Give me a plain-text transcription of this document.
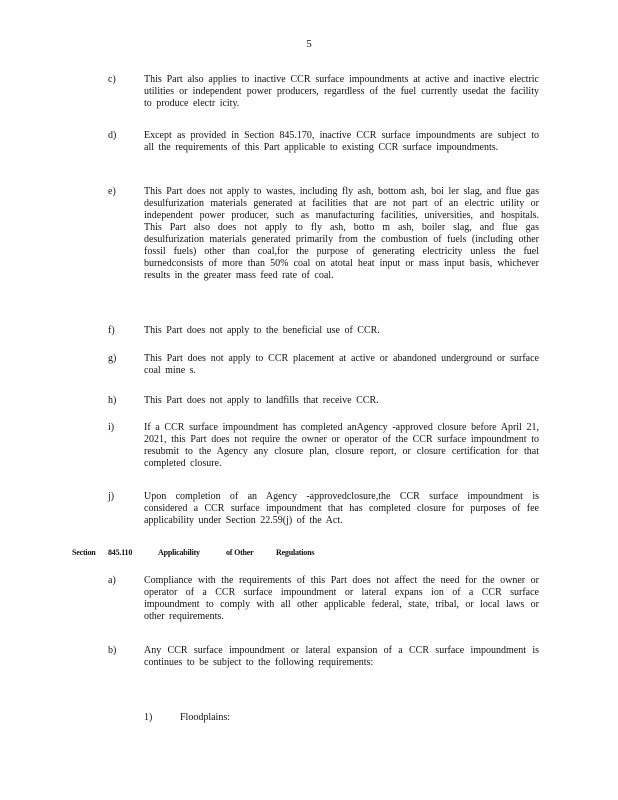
5
c)	This Part also applies to inactive CCR surface impoundments at active and inactive electric utilities or independent power producers, regardless of the fuel currently usedat the facility to produce electr icity.
d)	Except as provided in Section 845.170, inactive CCR surface impoundments are subject to all the requirements of this Part applicable to existing CCR surface impoundments.
e)	This Part does not apply to wastes, including fly ash, bottom ash, boi ler slag, and flue gas desulfurization materials generated at facilities that are not part of an electric utility or independent power producer, such as manufacturing facilities, universities, and hospitals. This Part also does not apply to fly ash, botto m ash, boiler slag, and flue gas desulfurization materials generated primarily from the combustion of fuels (including other fossil fuels) other than coal,for the purpose of generating electricity unless the fuel burnedconsists of more than 50% coal on atotal heat input or mass input basis, whichever results in the greater mass feed rate of coal.
f)	This Part does not apply to the beneficial use of CCR.
g)	This Part does not apply to CCR placement at active or abandoned underground or surface coal mine s.
h)	This Part does not apply to landfills that receive CCR.
i)	If a CCR surface impoundment has completed anAgency -approved closure before April 21, 2021, this Part does not require the owner or operator of the CCR surface impoundment to resubmit to the Agency any closure plan, closure report, or closure certification for that completed closure.
j)	Upon completion of an Agency -approvedclosure,the CCR surface impoundment is considered a CCR surface impoundment that has completed closure for purposes of fee applicability under Section 22.59(j) of the Act.
Section 845.110	Applicability	of Other	Regulations
a)	Compliance with the requirements of this Part does not affect the need for the owner or operator of a CCR surface impoundment or lateral expans ion of a CCR surface impoundment to comply with all other applicable federal, state, tribal, or local laws or other requirements.
b)	Any CCR surface impoundment or lateral expansion of a CCR surface impoundment is continues to be subject to the following requirements:
1)	Floodplains:
